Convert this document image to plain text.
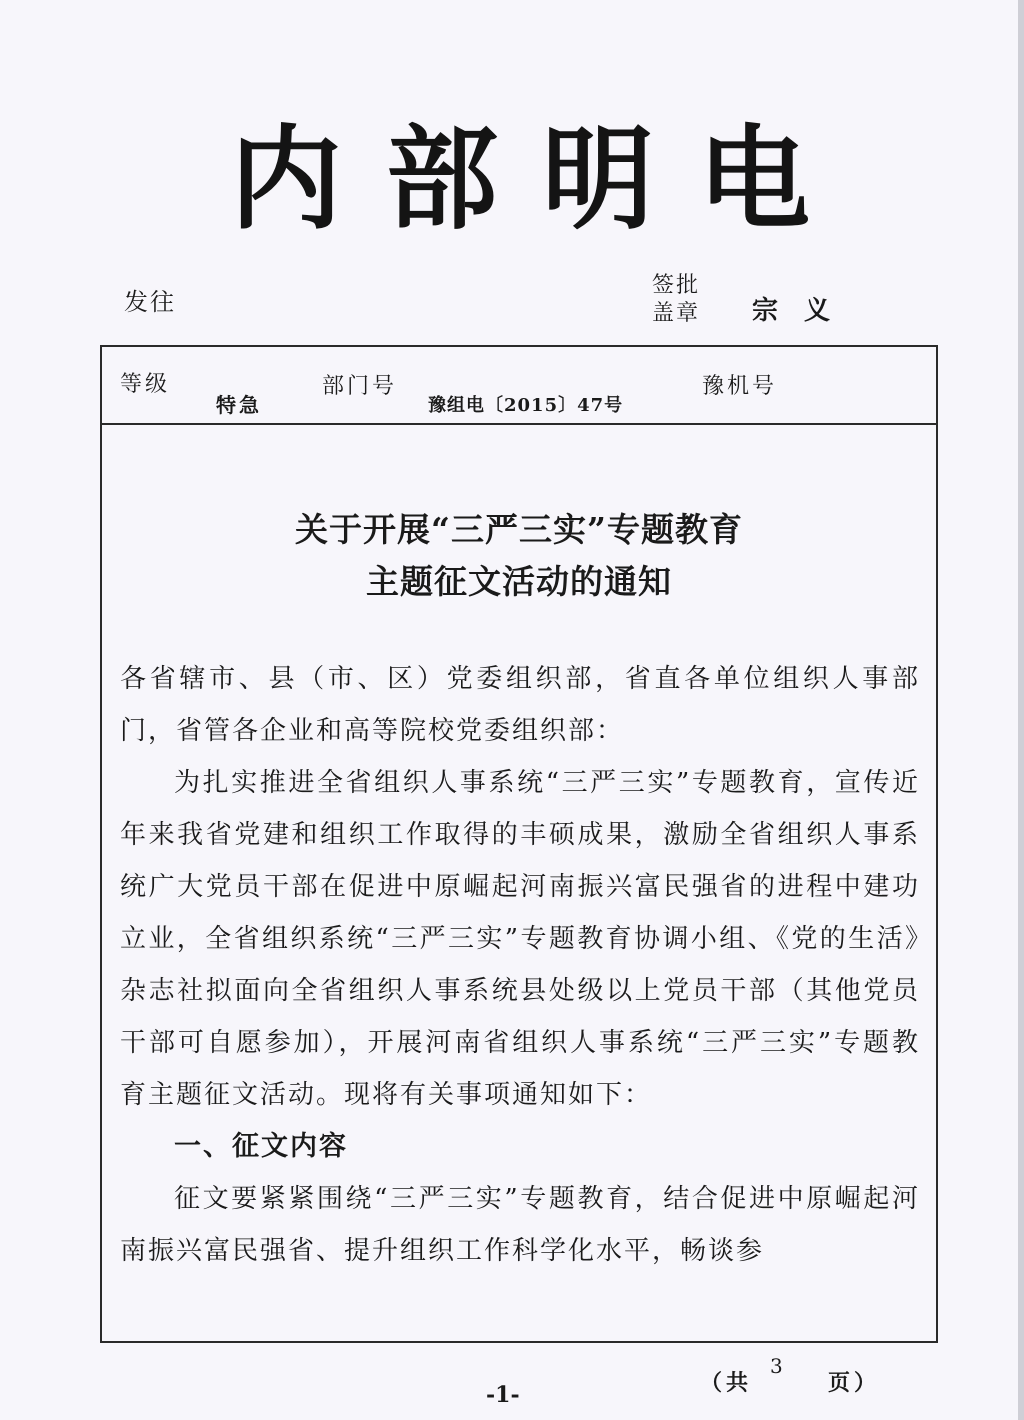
内部明电
发往
签批
盖章 宗义
等级
特急
部门号
豫组电〔2015〕47号
豫机号
关于开展“三严三实”专题教育
主题征文活动的通知
各省辖市、县（市、区）党委组织部，省直各单位组织人事部门，省管各企业和高等院校党委组织部：
为扎实推进全省组织人事系统“三严三实”专题教育，宣传近年来我省党建和组织工作取得的丰硕成果，激励全省组织人事系统广大党员干部在促进中原崛起河南振兴富民强省的进程中建功立业，全省组织系统“三严三实”专题教育协调小组、《党的生活》杂志社拟面向全省组织人事系统县处级以上党员干部（其他党员干部可自愿参加），开展河南省组织人事系统“三严三实”专题教育主题征文活动。现将有关事项通知如下：
一、征文内容
征文要紧紧围绕“三严三实”专题教育，结合促进中原崛起河南振兴富民强省、提升组织工作科学化水平，畅谈参
-1-	（共
3
页）
